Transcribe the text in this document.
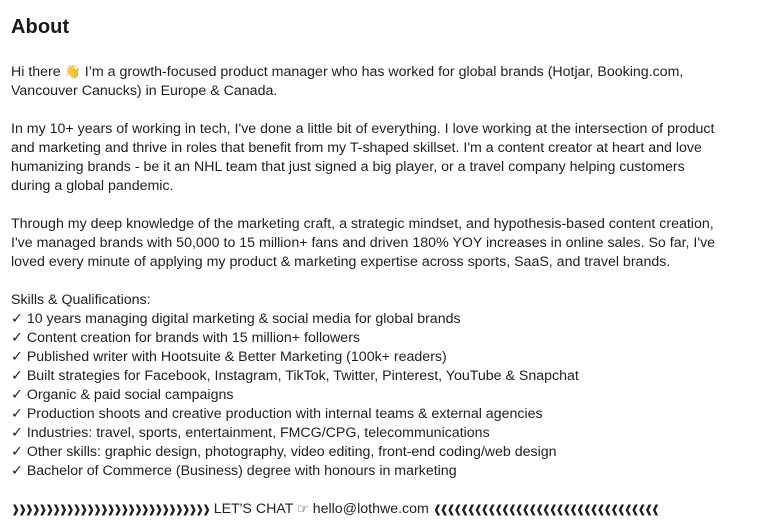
About

Hi there 👋 I’m a growth-focused product manager who has worked for global brands (Hotjar, Booking.com,
Vancouver Canucks) in Europe & Canada.

In my 10+ years of working in tech, I've done a little bit of everything. I love working at the intersection of product
and marketing and thrive in roles that benefit from my T-shaped skillset. I'm a content creator at heart and love
humanizing brands - be it an NHL team that just signed a big player, or a travel company helping customers
during a global pandemic.

Through my deep knowledge of the marketing craft, a strategic mindset, and hypothesis-based content creation,
I've managed brands with 50,000 to 15 million+ fans and driven 180% YOY increases in online sales. So far, I've
loved every minute of applying my product & marketing expertise across sports, SaaS, and travel brands.

Skills & Qualifications:
✓ 10 years managing digital marketing & social media for global brands
✓ Content creation for brands with 15 million+ followers
✓ Published writer with Hootsuite & Better Marketing (100k+ readers)
✓ Built strategies for Facebook, Instagram, TikTok, Twitter, Pinterest, YouTube & Snapchat
✓ Organic & paid social campaigns
✓ Production shoots and creative production with internal teams & external agencies
✓ Industries: travel, sports, entertainment, FMCG/CPG, telecommunications
✓ Other skills: graphic design, photography, video editing, front-end coding/web design
✓ Bachelor of Commerce (Business) degree with honours in marketing
❱❱❱❱❱❱❱❱❱❱❱❱❱❱❱❱❱❱❱❱❱❱❱❱❱❱❱❱❱ LET'S CHAT ☞ hello@lothwe.com ❰❰❰❰❰❰❰❰❰❰❰❰❰❰❰❰❰❰❰❰❰❰❰❰❰❰❰❰❰❰❰❰❰
